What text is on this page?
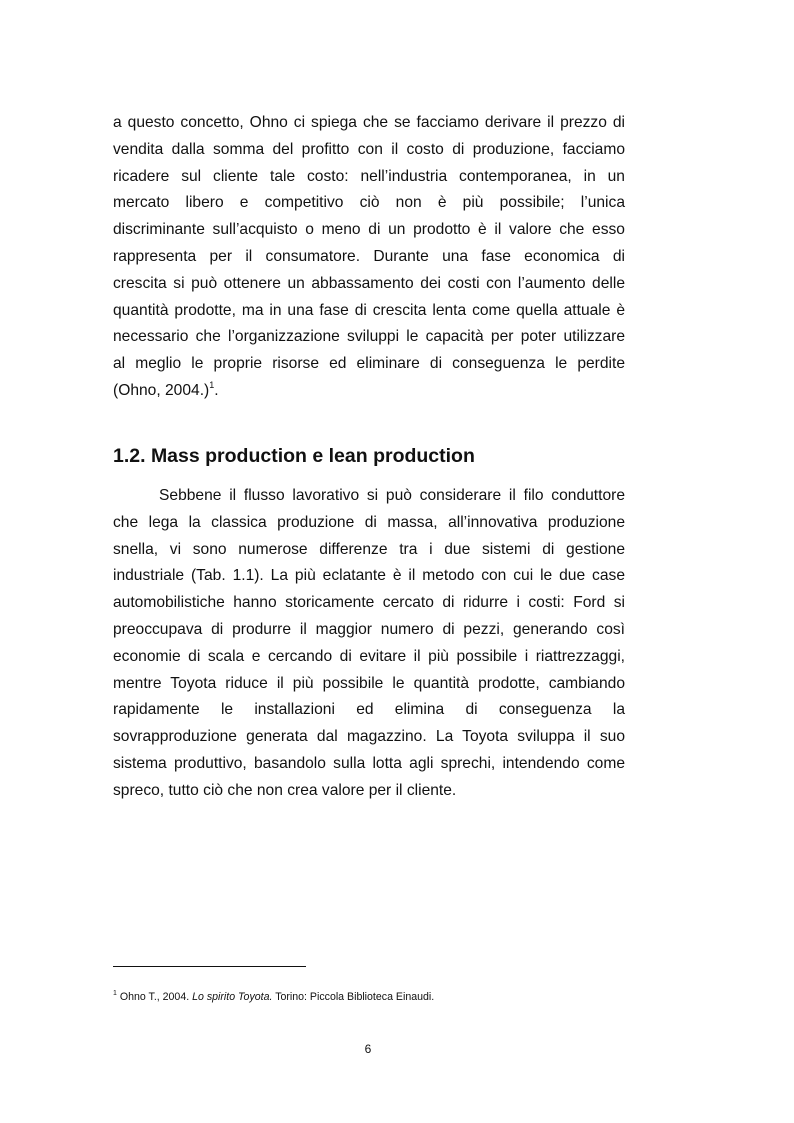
a questo concetto, Ohno ci spiega che se facciamo derivare il prezzo di
vendita dalla somma del profitto con il costo di produzione, facciamo
ricadere sul cliente tale costo: nell’industria contemporanea, in un
mercato libero e competitivo ciò non è più possibile; l’unica
discriminante sull’acquisto o meno di un prodotto è il valore che esso
rappresenta per il consumatore. Durante una fase economica di
crescita si può ottenere un abbassamento dei costi con l’aumento delle
quantità prodotte, ma in una fase di crescita lenta come quella attuale è
necessario che l’organizzazione sviluppi le capacità per poter utilizzare
al meglio le proprie risorse ed eliminare di conseguenza le perdite
(Ohno, 2004.)$^1$.
1.2. Mass production e lean production
Sebbene il flusso lavorativo si può considerare il filo conduttore
che lega la classica produzione di massa, all’innovativa produzione
snella, vi sono numerose differenze tra i due sistemi di gestione
industriale (Tab. 1.1). La più eclatante è il metodo con cui le due case
automobilistiche hanno storicamente cercato di ridurre i costi: Ford si
preoccupava di produrre il maggior numero di pezzi, generando così
economie di scala e cercando di evitare il più possibile i riattrezzaggi,
mentre Toyota riduce il più possibile le quantità prodotte, cambiando
rapidamente le installazioni ed elimina di conseguenza la
sovrapproduzione generata dal magazzino. La Toyota sviluppa il suo
sistema produttivo, basandolo sulla lotta agli sprechi, intendendo come
spreco, tutto ciò che non crea valore per il cliente.
$^1$ Ohno T., 2004. Lo spirito Toyota. Torino: Piccola Biblioteca Einaudi.
6
